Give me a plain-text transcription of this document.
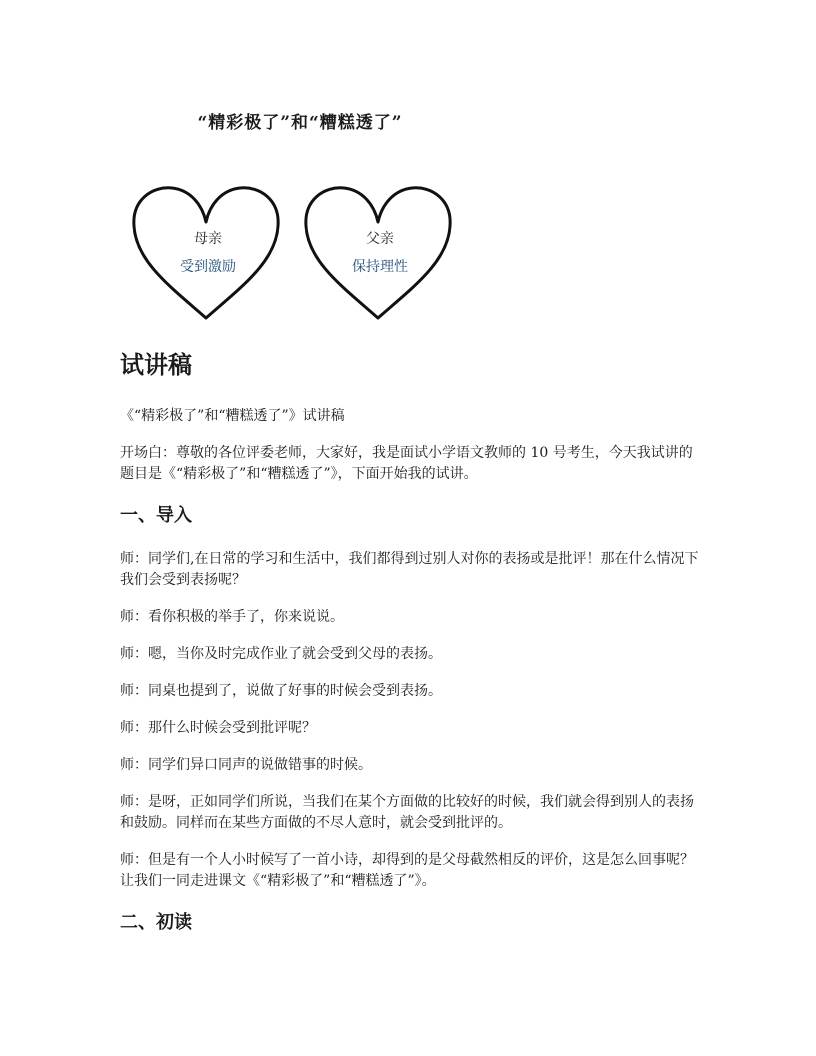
“精彩极了”和“糟糕透了”
母亲
受到激励
父亲
保持理性
试讲稿

《“精彩极了”和“糟糕透了”》试讲稿

开场白：尊敬的各位评委老师，大家好，我是面试小学语文教师的 10 号考生，今天我试讲的题目是《“精彩极了”和“糟糕透了”》，下面开始我的试讲。

一、导入

师：同学们,在日常的学习和生活中，我们都得到过别人对你的表扬或是批评！那在什么情况下我们会受到表扬呢？

师：看你积极的举手了，你来说说。

师：嗯，当你及时完成作业了就会受到父母的表扬。

师：同桌也提到了，说做了好事的时候会受到表扬。

师：那什么时候会受到批评呢？

师：同学们异口同声的说做错事的时候。

师：是呀，正如同学们所说，当我们在某个方面做的比较好的时候，我们就会得到别人的表扬和鼓励。同样而在某些方面做的不尽人意时，就会受到批评的。

师：但是有一个人小时候写了一首小诗，却得到的是父母截然相反的评价，这是怎么回事呢？让我们一同走进课文《“精彩极了”和“糟糕透了”》。

二、初读
